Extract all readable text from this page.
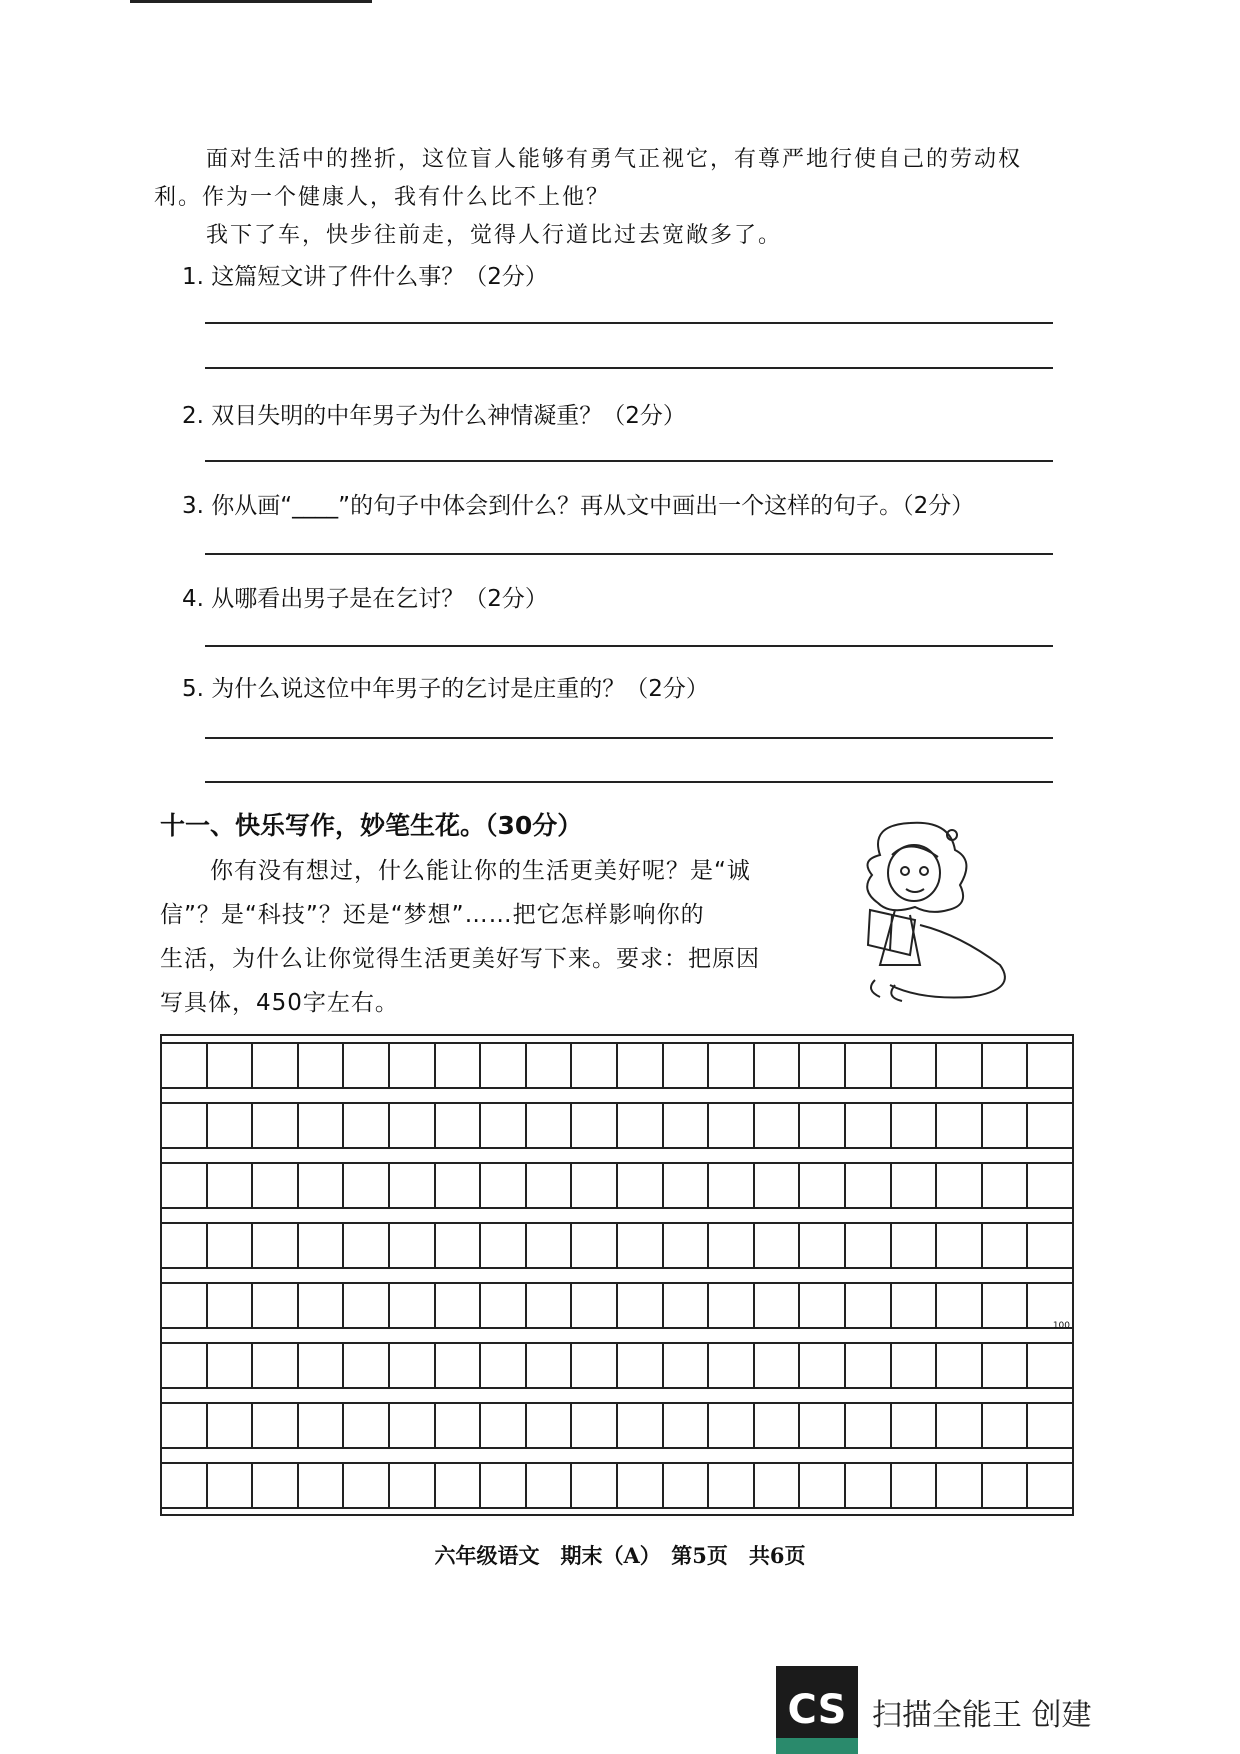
面对生活中的挫折，这位盲人能够有勇气正视它，有尊严地行使自己的劳动权
利。作为一个健康人，我有什么比不上他？
我下了车，快步往前走，觉得人行道比过去宽敞多了。
1. 这篇短文讲了件什么事？（2分）
2. 双目失明的中年男子为什么神情凝重？（2分）
3. 你从画“____”的句子中体会到什么？再从文中画出一个这样的句子。（2分）
4. 从哪看出男子是在乞讨？（2分）
5. 为什么说这位中年男子的乞讨是庄重的？（2分）
十一、快乐写作，妙笔生花。（30分）
你有没有想过，什么能让你的生活更美好呢？是“诚
信”？是“科技”？还是“梦想”……把它怎样影响你的
生活，为什么让你觉得生活更美好写下来。要求：把原因
写具体，450字左右。
100
六年级语文　期末（A）　第5页　共6页
CS 扫描全能王 创建
